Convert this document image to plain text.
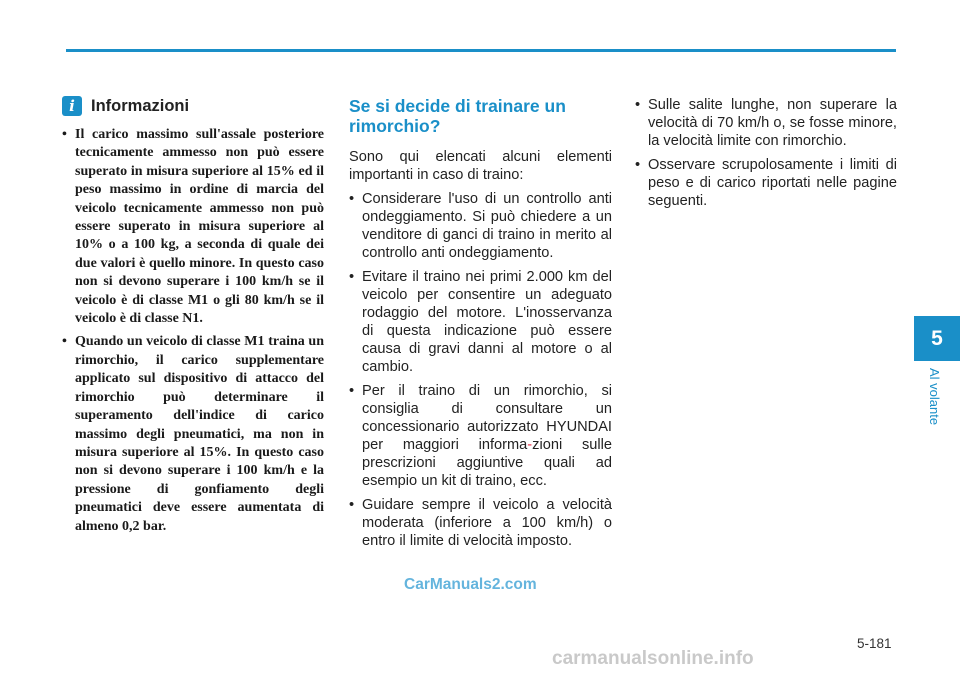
i Informazioni
• Il carico massimo sull'assale posteriore tecnicamente ammesso non può essere superato in misura superiore al 15% ed il peso massimo in ordine di marcia del veicolo tecnicamente ammesso non può essere superato in misura superiore al 10% o a 100 kg, a seconda di quale dei due valori è quello minore. In questo caso non si devono superare i 100 km/h se il veicolo è di classe M1 o gli 80 km/h se il veicolo è di classe N1.
• Quando un veicolo di classe M1 traina un rimorchio, il carico supplementare applicato sul dispositivo di attacco del rimorchio può determinare il superamento dell'indice di carico massimo degli pneumatici, ma non in misura superiore al 15%. In questo caso non si devono superare i 100 km/h e la pressione di gonfiamento degli pneumatici deve essere aumentata di almeno 0,2 bar.
Se si decide di trainare un rimorchio?

Sono qui elencati alcuni elementi importanti in caso di traino:

• Considerare l'uso di un controllo anti ondeggiamento. Si può chiedere a un venditore di ganci di traino in merito al controllo anti ondeggiamento.
• Evitare il traino nei primi 2.000 km del veicolo per consentire un adeguato rodaggio del motore. L'inosservanza di questa indicazione può essere causa di gravi danni al motore o al cambio.
• Per il traino di un rimorchio, si consiglia di consultare un concessionario autorizzato HYUNDAI per maggiori informa-zioni sulle prescrizioni aggiuntive quali ad esempio un kit di traino, ecc.
• Guidare sempre il veicolo a velocità moderata (inferiore a 100 km/h) o entro il limite di velocità imposto.
• Sulle salite lunghe, non superare la velocità di 70 km/h o, se fosse minore, la velocità limite con rimorchio.
• Osservare scrupolosamente i limiti di peso e di carico riportati nelle pagine seguenti.
CarManuals2.com
carmanualsonline.info
5-181
5
Al volante
